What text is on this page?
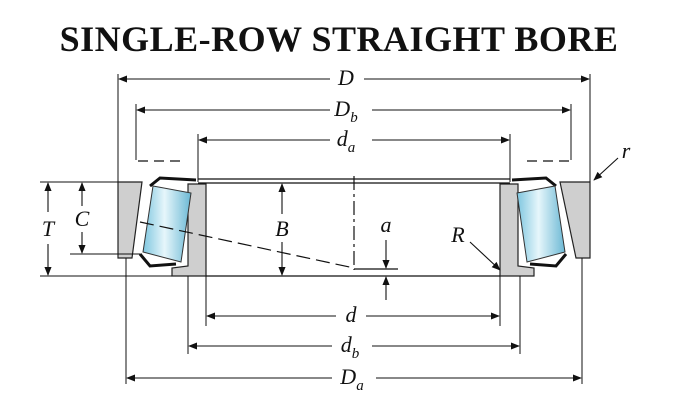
SINGLE-ROW STRAIGHT BORE
D
$D_b$
$d_a$	r
T C	B	a	R
d
$d_b$
$D_a$
